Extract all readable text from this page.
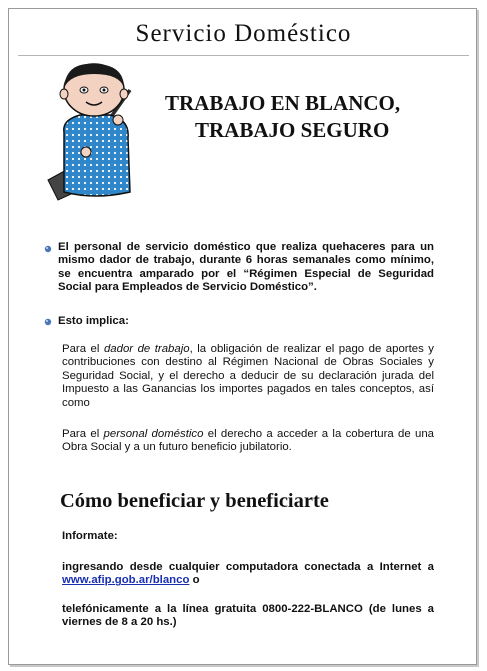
Servicio Doméstico
TRABAJO EN BLANCO,
TRABAJO SEGURO
El personal de servicio doméstico que realiza quehaceres para un mismo dador de trabajo, durante 6 horas semanales como mínimo, se encuentra amparado por el “Régimen Especial de Seguridad Social para Empleados de Servicio Doméstico”.
Esto implica:
Para el dador de trabajo, la obligación de realizar el pago de aportes y contribuciones con destino al Régimen Nacional de Obras Sociales y Seguridad Social, y el derecho a deducir de su declaración jurada del Impuesto a las Ganancias los importes pagados en tales conceptos, así como
Para el personal doméstico el derecho a acceder a la cobertura de una Obra Social y a un futuro beneficio jubilatorio.
Cómo beneficiar y beneficiarte
Informate:
ingresando desde cualquier computadora conectada a Internet a www.afip.gob.ar/blanco o
telefónicamente a la línea gratuita 0800-222-BLANCO (de lunes a viernes de 8 a 20 hs.)
